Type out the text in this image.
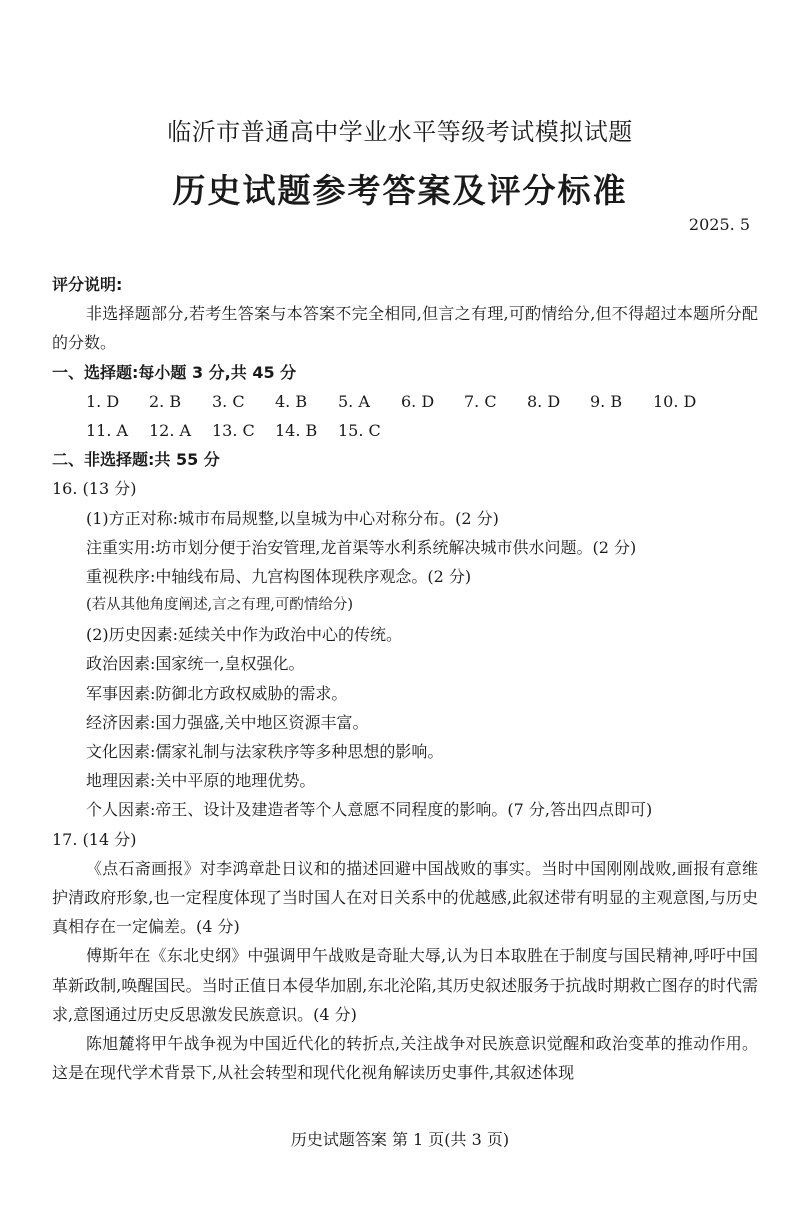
临沂市普通高中学业水平等级考试模拟试题
历史试题参考答案及评分标准
2025. 5
评分说明:
非选择题部分,若考生答案与本答案不完全相同,但言之有理,可酌情给分,但不得超过本题所分配的分数。
一、选择题:每小题 3 分,共 45 分
1. D	2. B	3. C	4. B	5. A	6. D	7. C	8. D	9. B	10. D
11. A	12. A	13. C	14. B	15. C
二、非选择题:共 55 分
16. (13 分)
(1)方正对称:城市布局规整,以皇城为中心对称分布。(2 分)
注重实用:坊市划分便于治安管理,龙首渠等水利系统解决城市供水问题。(2 分)
重视秩序:中轴线布局、九宫构图体现秩序观念。(2 分)
(若从其他角度阐述,言之有理,可酌情给分)
(2)历史因素:延续关中作为政治中心的传统。
政治因素:国家统一,皇权强化。
军事因素:防御北方政权威胁的需求。
经济因素:国力强盛,关中地区资源丰富。
文化因素:儒家礼制与法家秩序等多种思想的影响。
地理因素:关中平原的地理优势。
个人因素:帝王、设计及建造者等个人意愿不同程度的影响。(7 分,答出四点即可)
17. (14 分)
《点石斋画报》对李鸿章赴日议和的描述回避中国战败的事实。当时中国刚刚战败,画报有意维护清政府形象,也一定程度体现了当时国人在对日关系中的优越感,此叙述带有明显的主观意图,与历史真相存在一定偏差。(4 分)
傅斯年在《东北史纲》中强调甲午战败是奇耻大辱,认为日本取胜在于制度与国民精神,呼吁中国革新政制,唤醒国民。当时正值日本侵华加剧,东北沦陷,其历史叙述服务于抗战时期救亡图存的时代需求,意图通过历史反思激发民族意识。(4 分)
陈旭麓将甲午战争视为中国近代化的转折点,关注战争对民族意识觉醒和政治变革的推动作用。这是在现代学术背景下,从社会转型和现代化视角解读历史事件,其叙述体现
历史试题答案 第 1 页(共 3 页)
